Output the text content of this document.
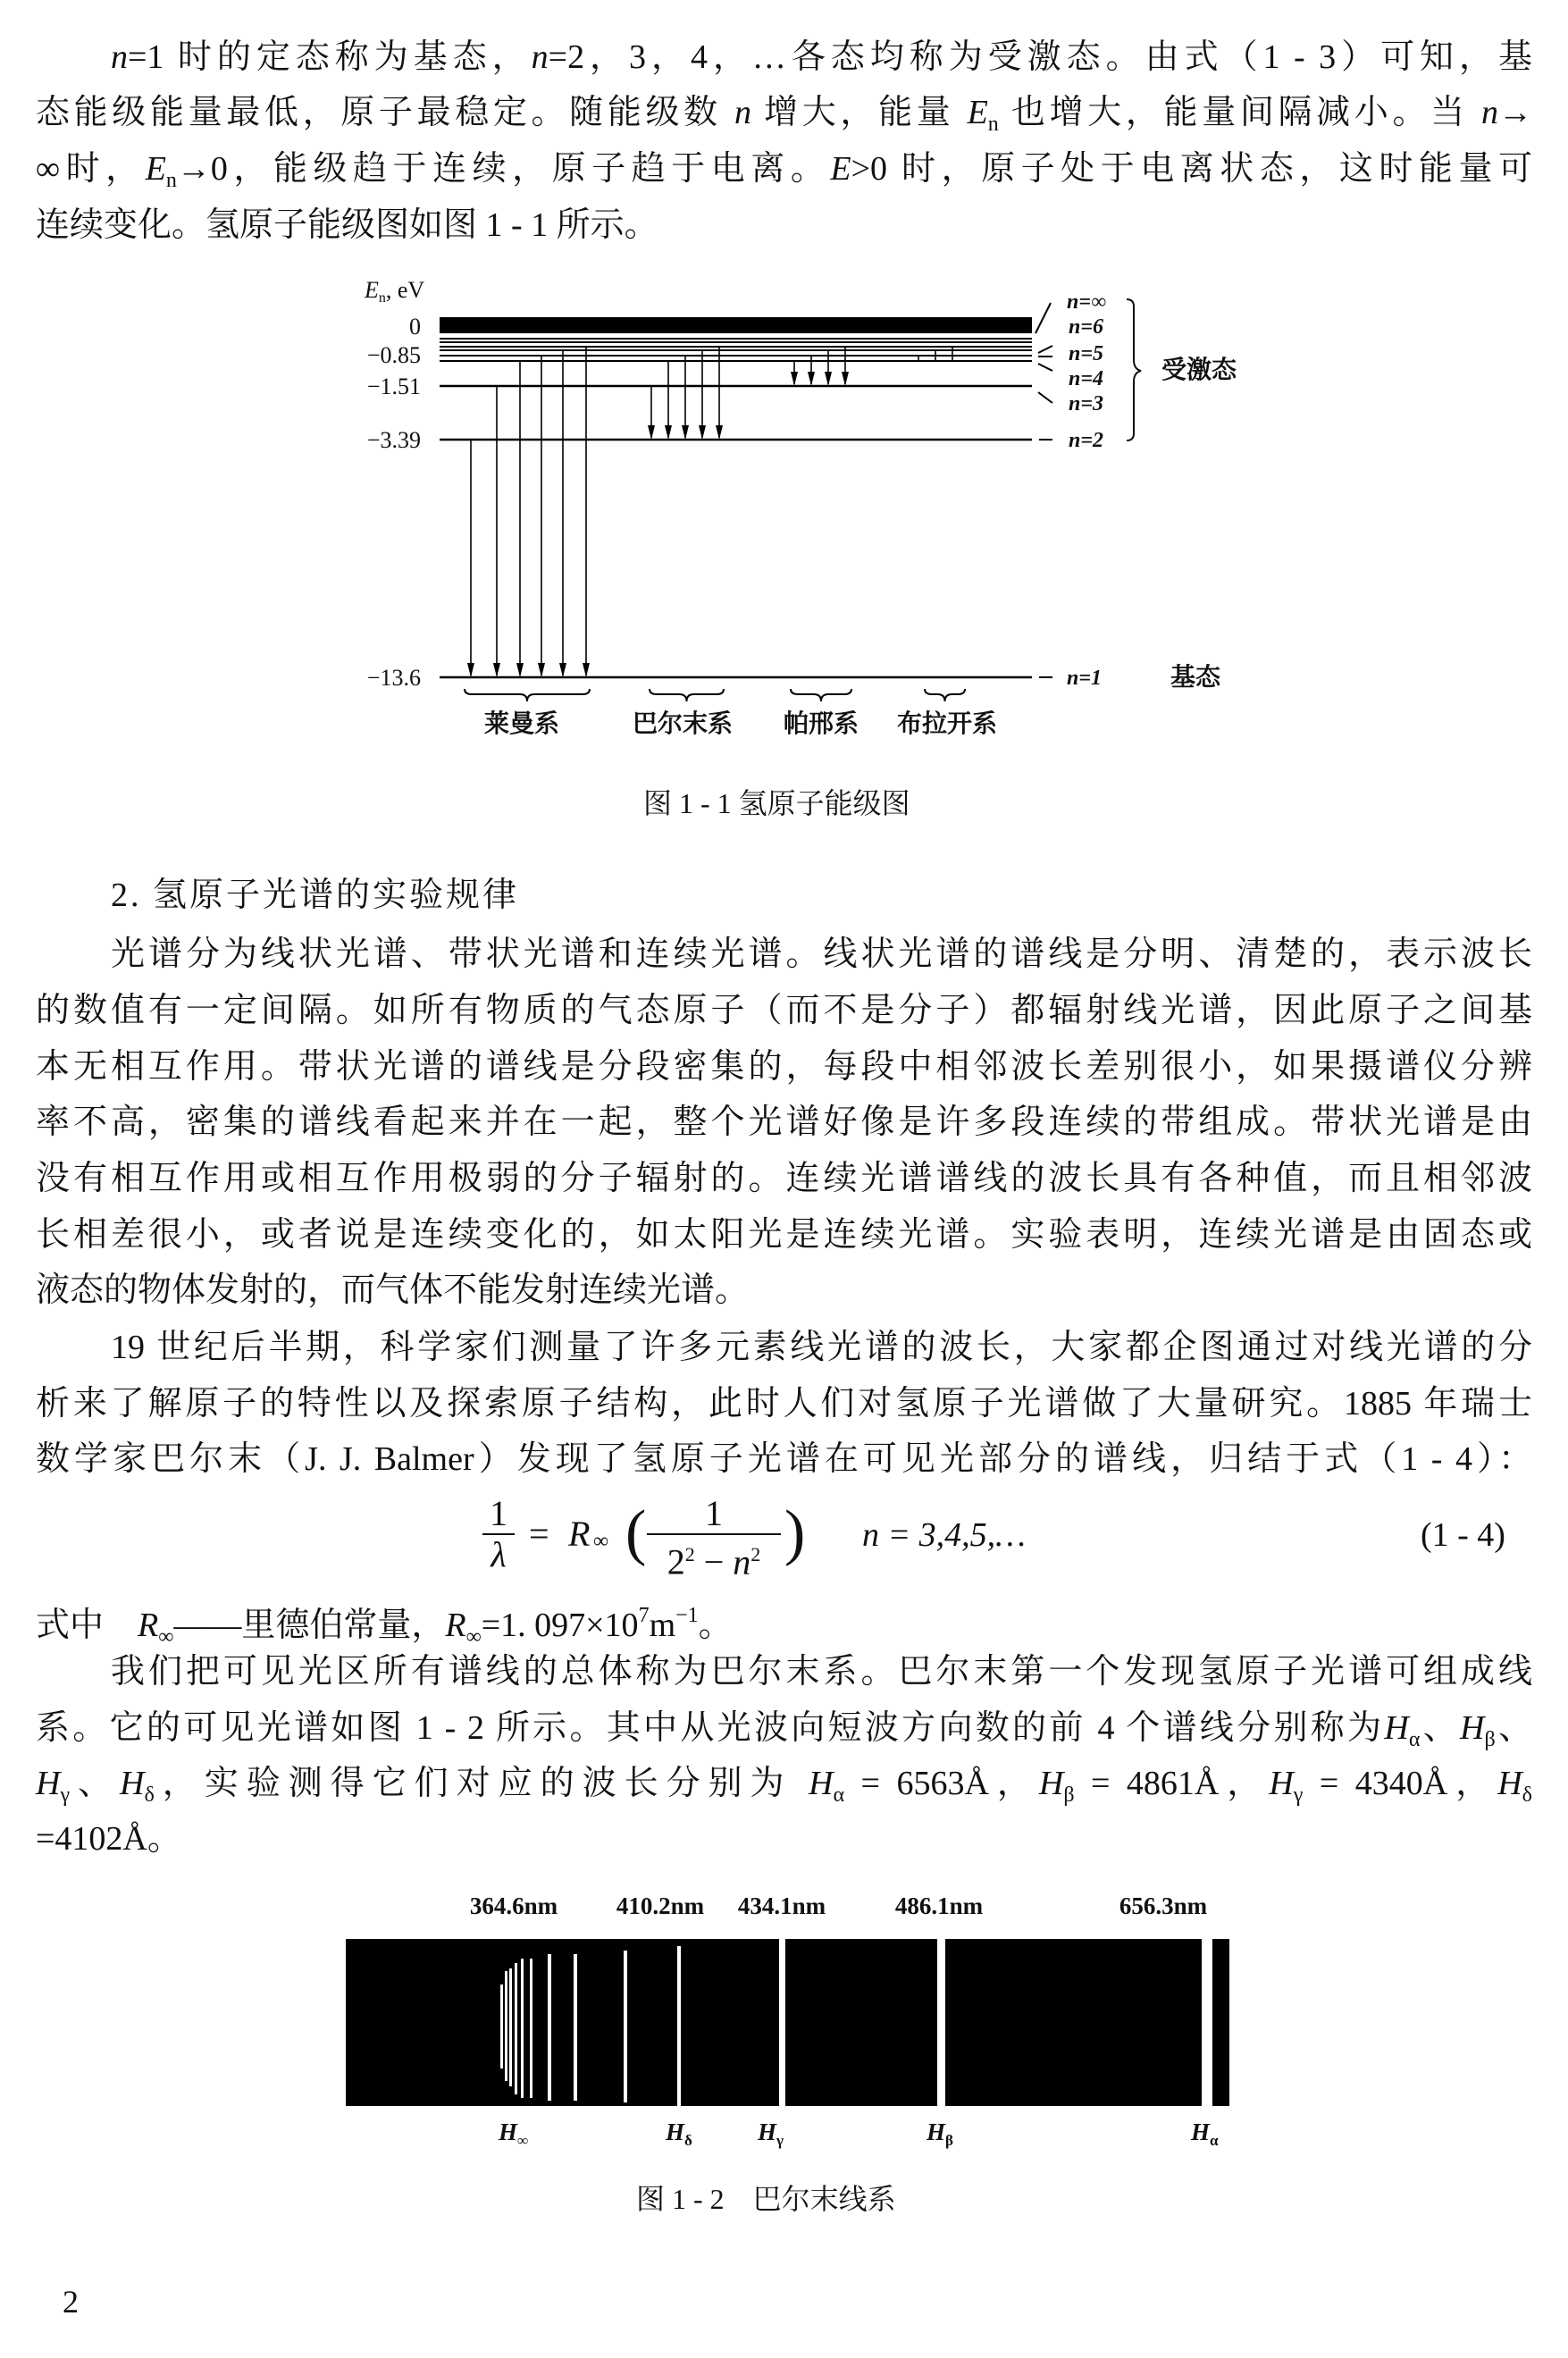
n=1 时的定态称为基态，n=2，3，4，…各态均称为受激态。由式（1 - 3）可知，基
态能级能量最低，原子最稳定。随能级数 n 增大，能量 $E_n$ 也增大，能量间隔减小。当 n→
∞时，$E_n\to 0$，能级趋于连续，原子趋于电离。E>0 时，原子处于电离状态，这时能量可
连续变化。氢原子能级图如图 1 - 1 所示。
En, eV
0
−0.85
−1.51
−3.39
−13.6
n=∞
n=6
n=5
n=4
n=3
n=2
n=1
受激态
基态
莱曼系	巴尔末系 帕邢系 布拉开系
图 1 - 1 氢原子能级图
2. 氢原子光谱的实验规律
光谱分为线状光谱、带状光谱和连续光谱。线状光谱的谱线是分明、清楚的，表示波长
的数值有一定间隔。如所有物质的气态原子（而不是分子）都辐射线光谱，因此原子之间基
本无相互作用。带状光谱的谱线是分段密集的，每段中相邻波长差别很小，如果摄谱仪分辨
率不高，密集的谱线看起来并在一起，整个光谱好像是许多段连续的带组成。带状光谱是由
没有相互作用或相互作用极弱的分子辐射的。连续光谱谱线的波长具有各种值，而且相邻波
长相差很小，或者说是连续变化的，如太阳光是连续光谱。实验表明，连续光谱是由固态或
液态的物体发射的，而气体不能发射连续光谱。
19 世纪后半期，科学家们测量了许多元素线光谱的波长，大家都企图通过对线光谱的分
析来了解原子的特性以及探索原子结构，此时人们对氢原子光谱做了大量研究。1885 年瑞士
数学家巴尔末（J. J. Balmer）发现了氢原子光谱在可见光部分的谱线，归结于式（1 - 4）：
$\frac{1}{\lambda} = R$ ∞ ( $\frac{1}{2^2 - n^2}$ ) n = 3,4,5,…	(1 - 4)
式中　$R_\infty——$里德伯常量，$R_\infty=1$. $097\times 10^7m^{-1}$。
我们把可见光区所有谱线的总体称为巴尔末系。巴尔末第一个发现氢原子光谱可组成线
系。它的可见光谱如图 1 - 2 所示。其中从光波向短波方向数的前 4 个谱线分别称为$H_\alpha$、$H_\beta$、
$H_\gamma$、$H_\delta$，实验测得它们对应的波长分别为 $H_\alpha$ = 6563Å，$H_\beta$ = 4861Å，$H_\gamma$ = 4340Å，$H_\delta$
=4102Å。
364.6nm 410.2nm 434.1nm	486.1nm	656.3nm
$H_\infty$	$H_\delta$	$H_\gamma$	$H_\beta$	$H_\alpha$
图 1 - 2　巴尔末线系
2
